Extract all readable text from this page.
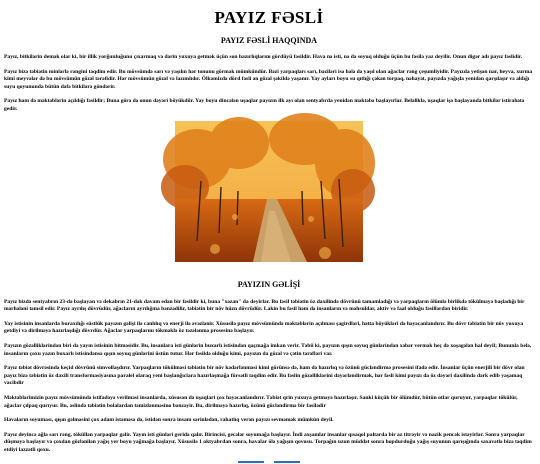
PAYIZ FƏSLİ
PAYIZ FƏSLİ HAQQINDA

Payız, bitkilərin demək olar ki, bir illik yorğunluğunu çıxarmaq və dərin yuxuya getmək üçün son hazırlıqlarını gördüyü fəsildir. Hava nə isti, nə də soyuq olduğu üçün bu fəsilə yaz deyilir. Onun digər adı payız fəslidir.

Payız bizə təbiətin minlərlə rəngini təqdim edir. Bu mövsümdə sarı və yaşılın hər tonunu görmək mümkündür. Bəzi yarpaqları sarı, bəziləri isə hələ də yaşıl olan ağaclar rəng çeşumliyidir. Payızda yetişən nar, heyva, xurma kimi meyvələr də bu mövsümün gözəl tərəfidir. Hər mövsümün gözəl və lazımlıdır. Ölkəmizdə dörd fəsli ən gözəl şəkildə yaşanır. Yay ayları boyu su qıtlığı çəkən torpaq, nəhayət, payızda yağışla yenidən qarşılaşır və aldığı suyu qoyununda bütün dəfə bitkilərə göndərir.

Payız ham də məktəblərin açıldığı fəsildir; Buna görə də onun dəyəri böyükdür. Yay boyu dincələn uşaqlar payızın ilk ayı olan sentyabrda yenidən məktəbə başlayırlar. Beləliklə, uşaqlar işə başlayanda bitkilər istirahətə gedir.

PAYIZIN GƏLİŞİ

Payız bizdə sentyabrın 23-də başlayan və dekabrın 21-dək davam edən bir fəsildir ki, buna "xəzan" da deyirlər. Bu fəsil təbiətin öz daxilində dövrünü tamamladığı və yarpaqların ölümlə birlikdə tökülməyə başladığı bir mərhələni təmsil edir. Payız ayrılış dövrüdür, ağacların ayrılığına bənzədilir, təbiətin bir növ hüzn dövrüdür. Lakin bu fəsil həm də insanların və məhsuldar, aktiv və faal olduğu fəsillərdən biridir.

Yay istisinin insanlarda buraxdığı süstlük payızın gəlişi ilə canlılıq və enerji ilə əvəzlənir. Xüsusilə payız mövsümündə məktəblərin açılması şagirdləri, hətta böyükləri də həyəcanlandırır. Bu dövr təbiətin bir növ yuxuya getdiyi və dirilməyə hazırlaşdığı dövrdür. Ağaclar yarpaqlarını tökməklə öz təzələnmə prosesinə başlayır.

Payızın gözəlliklərindən biri də yayın istisinin bitməsidir. Bu, insanlara isti günlərin buxarlı istisindən qaçmağa imkan verir. Təbii ki, payızın qışın soyuq günlərindən xəbər vermək heç də xoşagələn hal deyil; Bununla belə, insanların çoxu yazın buxarlı istisindənsə qışın soyuq günlərini üstün tutur. Hər fəsildə olduğu kimi, payızın da gözəl və çətin tərəfləri var.

Payız təbiət dövrəsində keçid dövrünü simvollaşdırır. Yarpaqların tökülməsi təbiətin bir növ kədərlənməsi kimi görünsə də, ham də hazırlıq və özünü gücləndirmə prosesini ifadə edir. İnsanlar üçün enerjili bir dövr olan payız bizə təbiətin öz daxili transformasiyasına paralel olaraq yeni başlanğıclara hazırlaşmağa fürsətli təqdim edir. Bu fəslin gözəlliklərini dəyərləndirmək, hər fəsli kimi payızı da öz dəyəri daxilində dərk edib yaşamaq vacibdir

Məktəblərimizin payız mövsümündə istifadəyə verilməsi insanlarda, xüsusən də uşaqlari çox həyəcanlandırır. Təbiət qrin yuxuya getməyə hazırlaşır. Sanki küçük bir ölümdür, bütün otlar quruyur, yarpaqlar tökülür, ağaclar çılpaq qurıyur. Bu, əslində təbiətin bolalardan təmizlənməsino bənzəyir. Bu, dirilməyə hazırlıq, özünü gücləndirmə bir fasilədir

Havaların soyuması, qışın gəlməsini çox adam istəməsə də, istidən sonra insanı sərinlədən, rahatlıq verən payızı sevməmək mümkün deyil.

Payız deyincə ağla sarı rəng, töküllən yarpaqlar gəlir. Yayın isti günləri geridə qalır. Birincisi, gecələr soyumağa başlayır. İndi axşamlar insanlar qısaqol paltarda bir az titrəyir və nazik pencək istəyirlər. Sonra yarpaqlar düşməyə başlayır və çoxdan gözlənilən yağış yer boyu yağmağa başlayır. Xüsusilə 1 oktyabrdan sonra, havalar ölə yağışın qovusu. Torpağın uzun müddət sonra hopdurduğu yağış suyunun qarışığında saxavətlə bizə təqdim etdiyi lazzətli qoxu.
